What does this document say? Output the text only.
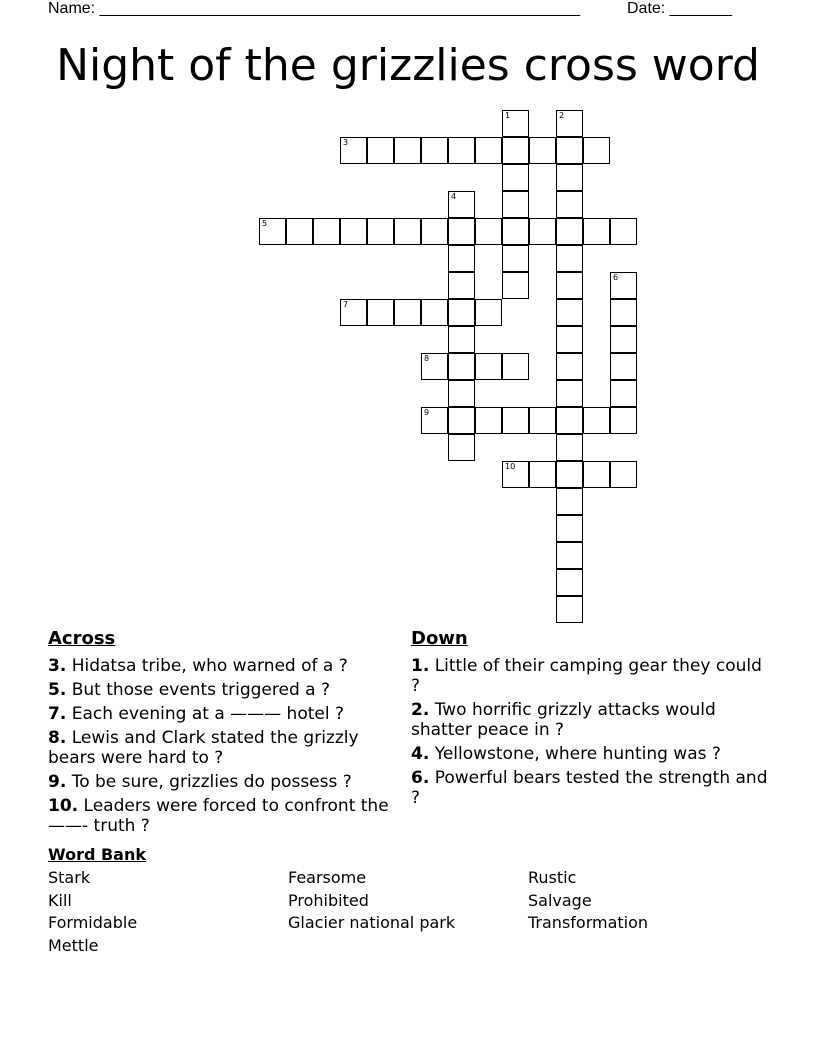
Name: ______________________________________________________	Date: _______
Night of the grizzlies cross word
1	2
3
4
5
6
7
8
9
10
Across
3. Hidatsa tribe, who warned of a ?
5. But those events triggered a ?
7. Each evening at a ——— hotel ?
8. Lewis and Clark stated the grizzly bears were hard to ?
9. To be sure, grizzlies do possess ?
10. Leaders were forced to confront the ——- truth ?
Down
1. Little of their camping gear they could ?
2. Two horrific grizzly attacks would shatter peace in ?
4. Yellowstone, where hunting was ?
6. Powerful bears tested the strength and ?
Word Bank
Stark	Fearsome	Rustic
Kill	Prohibited	Salvage
Formidable	Glacier national park	Transformation
Mettle
